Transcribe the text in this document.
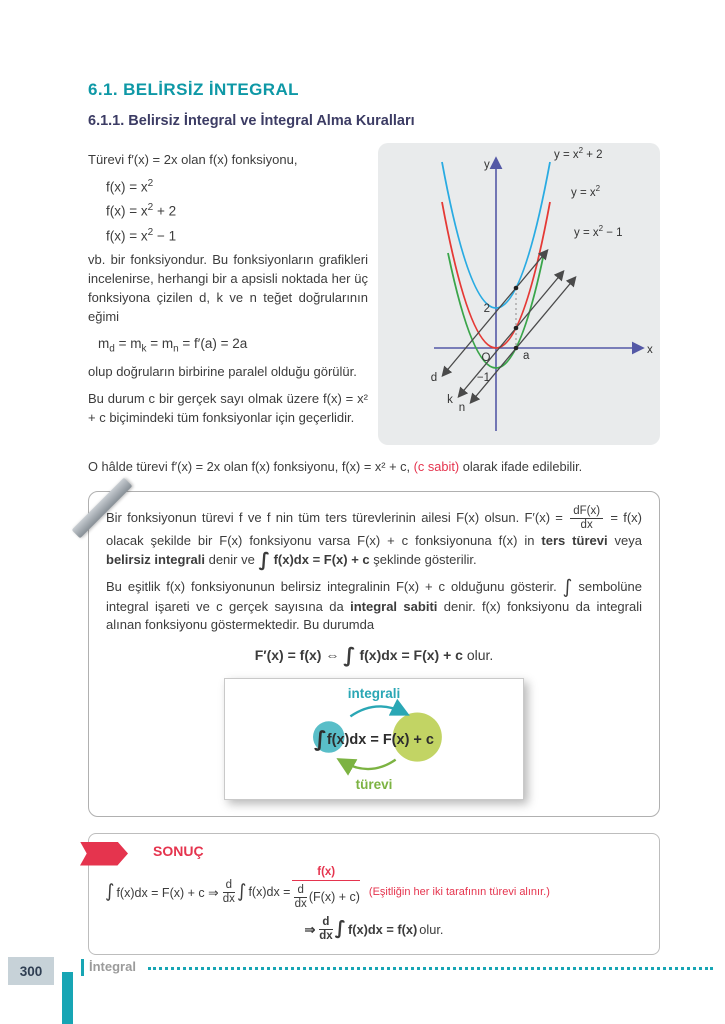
6.1. BELİRSİZ İNTEGRAL
6.1.1. Belirsiz İntegral ve İntegral Alma Kuralları

Türevi f′(x) = 2x olan f(x) fonksiyonu,

$f(x) = x^2$

$f(x) = x^2 + 2$

$f(x) = x^2 - 1$

vb. bir fonksiyondur. Bu fonksiyonların grafikleri incelenirse, herhangi bir a apsisli noktada her üç fonksiyona çizilen d, k ve n teğet doğrularının eğimi

$m_d = m_k = m_n = f'(a) = 2a$

olup doğruların birbirine paralel olduğu görülür.

Bu durum c bir gerçek sayı olmak üzere f(x) = x² + c biçimindeki tüm fonksiyonlar için geçerlidir.

y
x
O
2
−1
a
d
k
n
$y = x^2 + 2$
$y = x^2$
$y = x^2 - 1$

O hâlde türevi f′(x) = 2x olan f(x) fonksiyonu, f(x) = x² + c, (c sabit) olarak ifade edilebilir.

Bir fonksiyonun türevi f ve f nin tüm ters türevlerinin ailesi F(x) olsun. $F'(x) = \frac{dF(x)}{dx} = f(x)$ olacak şekilde bir F(x) fonksiyonu varsa F(x) + c fonksiyonuna f(x) in ters türevi veya belirsiz integrali denir ve ∫ f(x)dx = F(x) + c şeklinde gösterilir.

Bu eşitlik f(x) fonksiyonunun belirsiz integralinin F(x) + c olduğunu gösterir. ∫ sembolüne integral işareti ve c gerçek sayısına da integral sabiti denir. f(x) fonksiyonu da integrali alınan fonksiyonu göstermektedir. Bu durumda

F′(x) = f(x) ⇔ ∫ f(x)dx = F(x) + c olur.

integrali
∫f(x)dx = F(x) + c
türevi
SONUÇ
∫ f(x)dx = F(x) + c ⇒ $\frac{d}{dx}$ ∫ f(x)dx =
f(x)
$\frac{d}{dx} (F(x) + c)$ (Eşitliğin her iki tarafının türevi alınır.)
⇒ $\frac{d}{dx}$ ∫ f(x)dx = f(x) olur.
300	İntegral
